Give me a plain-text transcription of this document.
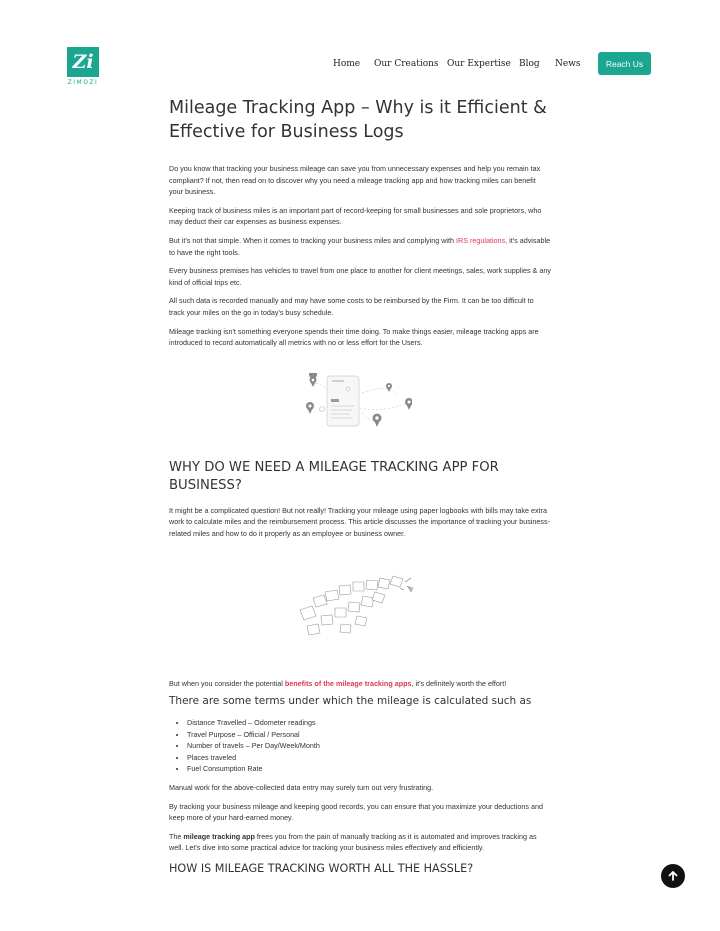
Zi
ZIMOZI
Home Our Creations Our Expertise Blog News	Reach Us
Mileage Tracking App – Why is it Efficient & Effective for Business Logs

Do you know that tracking your business mileage can save you from unnecessary expenses and help you remain tax compliant? If not, then read on to discover why you need a mileage tracking app and how tracking miles can benefit your business.

Keeping track of business miles is an important part of record-keeping for small businesses and sole proprietors, who may deduct their car expenses as business expenses.

But it's not that simple. When it comes to tracking your business miles and complying with IRS regulations, it's advisable to have the right tools.

Every business premises has vehicles to travel from one place to another for client meetings, sales, work supplies & any kind of official trips etc.

All such data is recorded manually and may have some costs to be reimbursed by the Firm. It can be too difficult to track your miles on the go in today's busy schedule.

Mileage tracking isn't something everyone spends their time doing. To make things easier, mileage tracking apps are introduced to record automatically all metrics with no or less effort for the Users.

WHY DO WE NEED A MILEAGE TRACKING APP FOR BUSINESS?

It might be a complicated question! But not really! Tracking your mileage using paper logbooks with bills may take extra work to calculate miles and the reimbursement process. This article discusses the importance of tracking your business-related miles and how to do it properly as an employee or business owner.

But when you consider the potential benefits of the mileage tracking apps, it's definitely worth the effort!

There are some terms under which the mileage is calculated such as
• Distance Travelled – Odometer readings
• Travel Purpose – Official / Personal
• Number of travels – Per Day/Week/Month
• Places traveled
• Fuel Consumption Rate

Manual work for the above-collected data entry may surely turn out very frustrating.

By tracking your business mileage and keeping good records, you can ensure that you maximize your deductions and keep more of your hard-earned money.

The mileage tracking app frees you from the pain of manually tracking as it is automated and improves tracking as well. Let's dive into some practical advice for tracking your business miles effectively and efficiently.

HOW IS MILEAGE TRACKING WORTH ALL THE HASSLE?
